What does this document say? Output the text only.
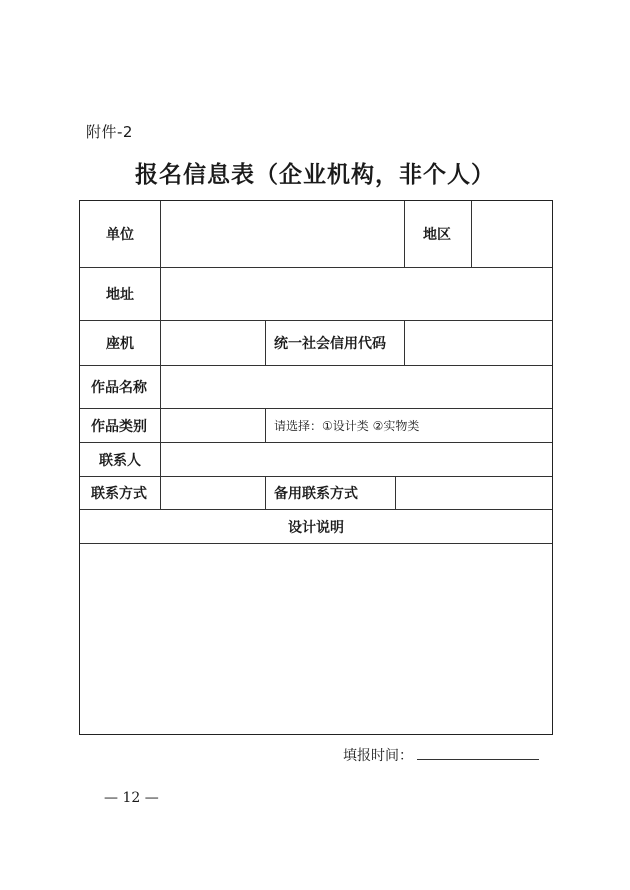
附件-2
报名信息表（企业机构，非个人）
单位	地区
地址
座机	统一社会信用代码
作品名称
作品类别	请选择：①设计类 ②实物类
联系人
联系方式	备用联系方式
设计说明
填报时间：
— 12 —
